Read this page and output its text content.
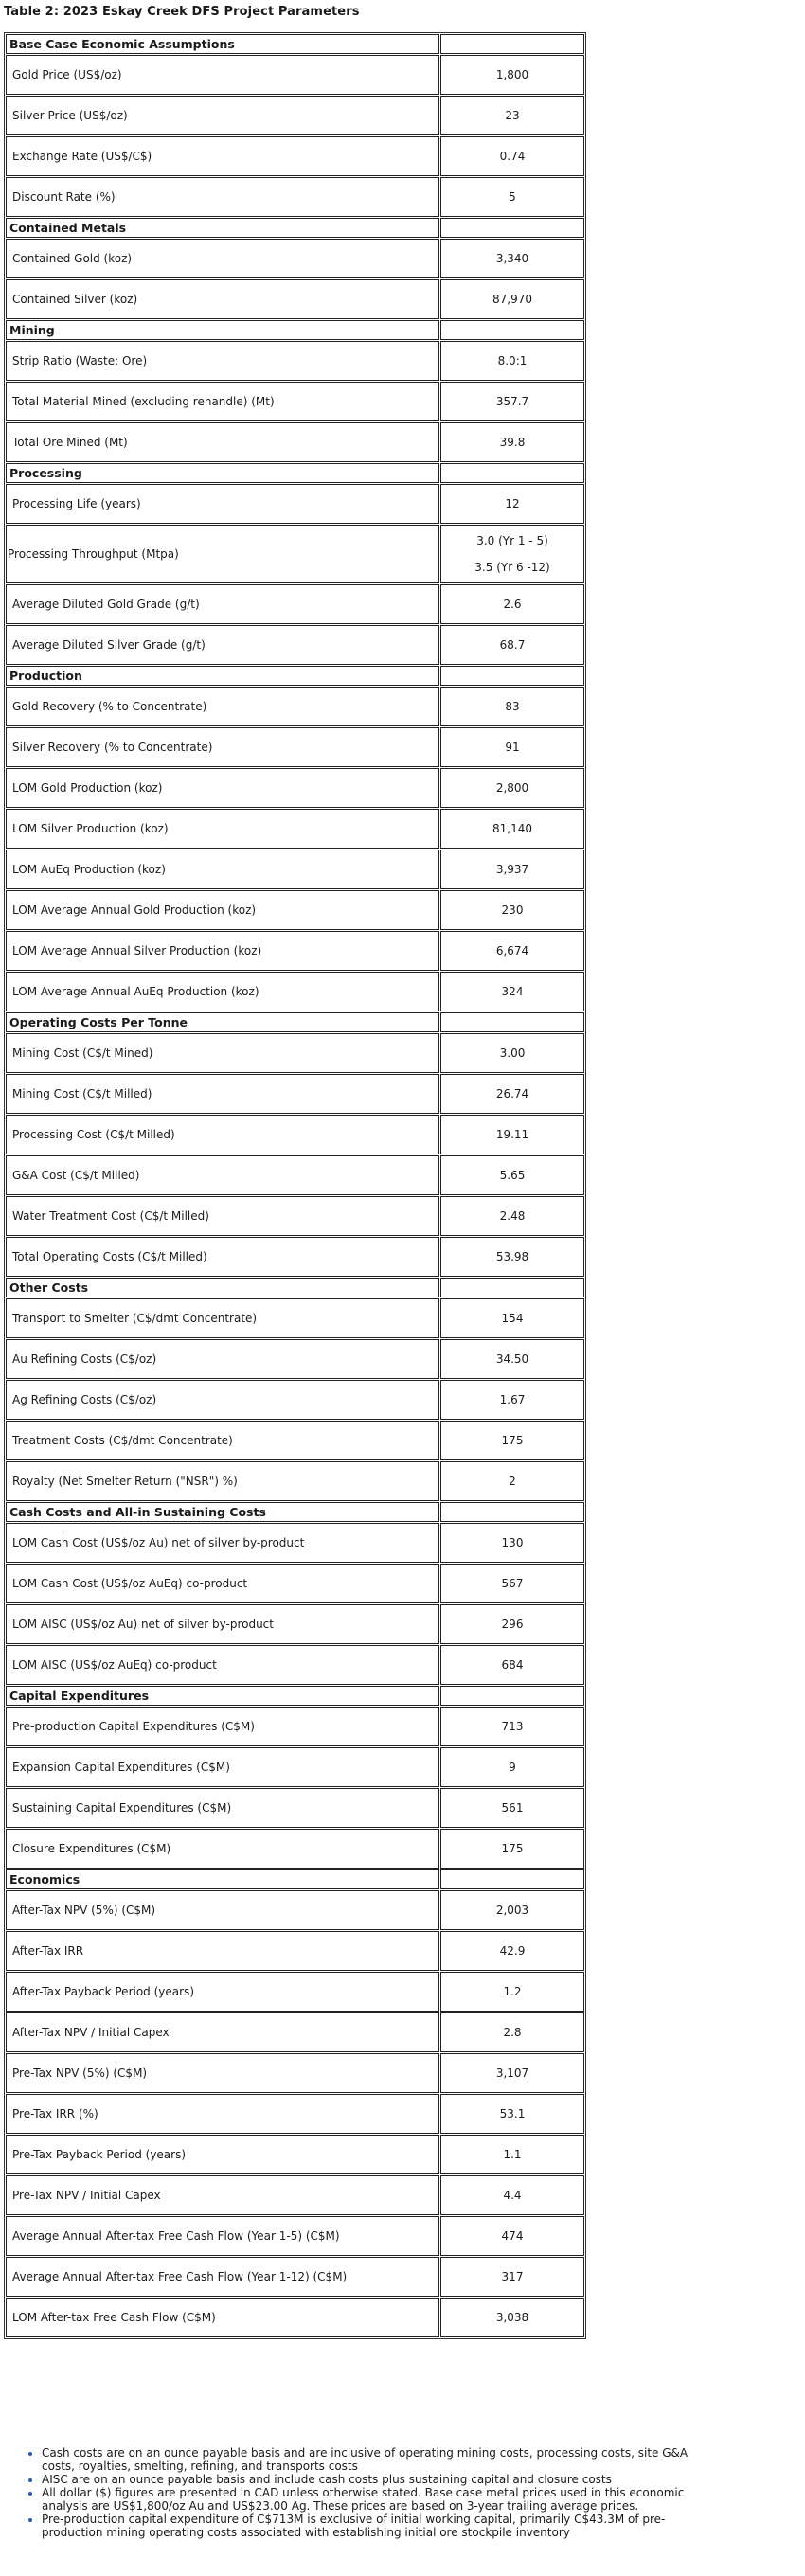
Table 2: 2023 Eskay Creek DFS Project Parameters
Base Case Economic Assumptions	
Gold Price (US$/oz)	1,800
Silver Price (US$/oz)	23
Exchange Rate (US$/C$)	0.74
Discount Rate (%)	5
Contained Metals	
Contained Gold (koz)	3,340
Contained Silver (koz)	87,970
Mining	
Strip Ratio (Waste: Ore)	8.0:1
Total Material Mined (excluding rehandle) (Mt)	357.7
Total Ore Mined (Mt)	39.8
Processing	
Processing Life (years)	12
Processing Throughput (Mtpa)	3.0 (Yr 1 - 5)
3.5 (Yr 6 -12)

Average Diluted Gold Grade (g/t)	2.6
Average Diluted Silver Grade (g/t)	68.7
Production	
Gold Recovery (% to Concentrate)	83
Silver Recovery (% to Concentrate)	91
LOM Gold Production (koz)	2,800
LOM Silver Production (koz)	81,140
LOM AuEq Production (koz)	3,937
LOM Average Annual Gold Production (koz)	230
LOM Average Annual Silver Production (koz)	6,674
LOM Average Annual AuEq Production (koz)	324
Operating Costs Per Tonne	
Mining Cost (C$/t Mined)	3.00
Mining Cost (C$/t Milled)	26.74
Processing Cost (C$/t Milled)	19.11
G&A Cost (C$/t Milled)	5.65
Water Treatment Cost (C$/t Milled)	2.48
Total Operating Costs (C$/t Milled)	53.98
Other Costs	
Transport to Smelter (C$/dmt Concentrate)	154
Au Refining Costs (C$/oz)	34.50
Ag Refining Costs (C$/oz)	1.67
Treatment Costs (C$/dmt Concentrate)	175
Royalty (Net Smelter Return ("NSR") %)	2
Cash Costs and All-in Sustaining Costs	
LOM Cash Cost (US$/oz Au) net of silver by-product	130
LOM Cash Cost (US$/oz AuEq) co-product	567
LOM AISC (US$/oz Au) net of silver by-product	296
LOM AISC (US$/oz AuEq) co-product	684
Capital Expenditures	
Pre-production Capital Expenditures (C$M)	713
Expansion Capital Expenditures (C$M)	9
Sustaining Capital Expenditures (C$M)	561
Closure Expenditures (C$M)	175
Economics	
After-Tax NPV (5%) (C$M)	2,003
After-Tax IRR	42.9
After-Tax Payback Period (years)	1.2
After-Tax NPV / Initial Capex	2.8
Pre-Tax NPV (5%) (C$M)	3,107
Pre-Tax IRR (%)	53.1
Pre-Tax Payback Period (years)	1.1
Pre-Tax NPV / Initial Capex	4.4
Average Annual After-tax Free Cash Flow (Year 1-5) (C$M)	474
Average Annual After-tax Free Cash Flow (Year 1-12) (C$M)	317
LOM After-tax Free Cash Flow (C$M)	3,038
• Cash costs are on an ounce payable basis and are inclusive of operating mining costs, processing costs, site G&A costs, royalties, smelting, refining, and transports costs
• AISC are on an ounce payable basis and include cash costs plus sustaining capital and closure costs
• All dollar ($) figures are presented in CAD unless otherwise stated. Base case metal prices used in this economic analysis are US$1,800/oz Au and US$23.00 Ag. These prices are based on 3-year trailing average prices.
• Pre-production capital expenditure of C$713M is exclusive of initial working capital, primarily C$43.3M of pre-production mining operating costs associated with establishing initial ore stockpile inventory
